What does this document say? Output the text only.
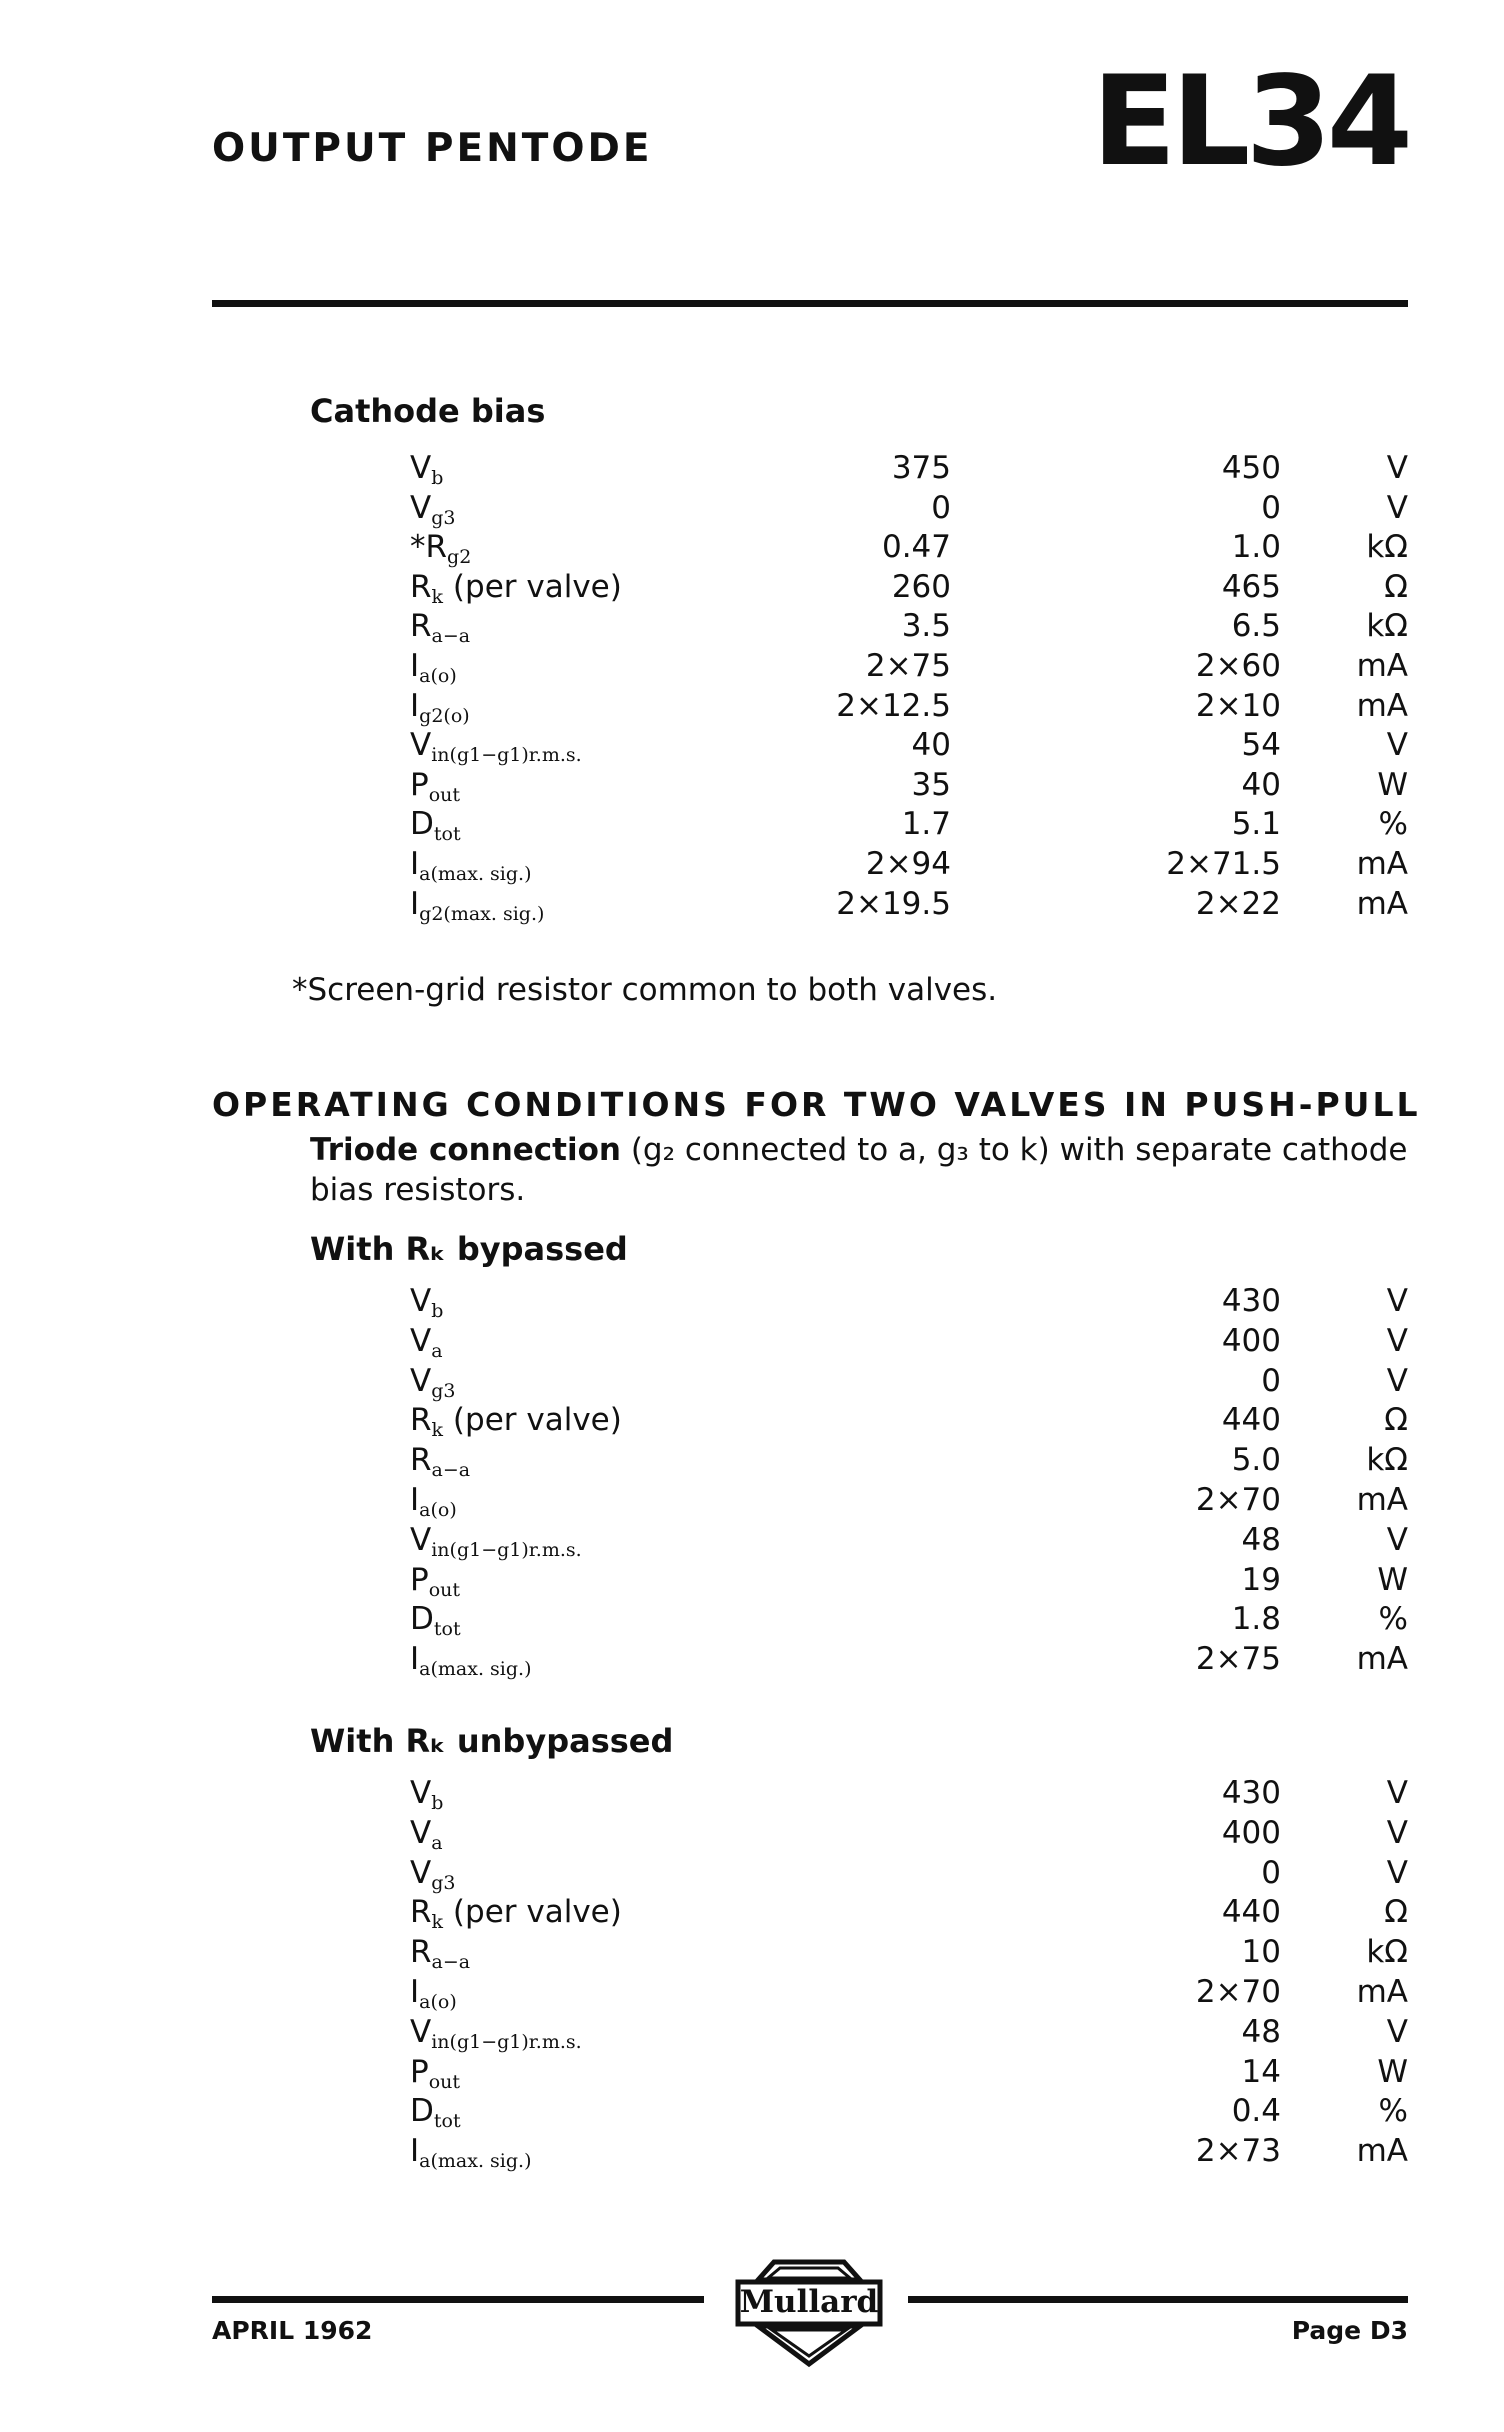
OUTPUT PENTODE	EL34
Cathode bias
$V_b$	375	450	V
$V_{g3}$	0	0	V
$*R_{g2}$	0.47	1.0	kΩ
$R_k$ (per valve)	260	465	Ω
$R_{a-a}$	3.5	6.5	kΩ
$I_{a(o)}$	2×75	2×60 mA
$I_{g2(o)}$	2×12.5	2×10 mA
$V_{in(g1-g1)r.m.s.}$	40	54	V
$P_{out}$	35	40	W
$D_{tot}$	1.7	5.1	%
$I_{a(max. sig.)}$	2×94	2×71.5 mA
$I_{g2(max. sig.)}$	2×19.5	2×22 mA
*Screen-grid resistor common to both valves.
OPERATING CONDITIONS FOR TWO VALVES IN PUSH-PULL
Triode connection (g₂ connected to a, g₃ to k) with separate cathode
bias resistors.
With Rₖ bypassed
$V_b$	430	V
$V_a$	400	V
$V_{g3}$	0	V
$R_k$ (per valve)	440	Ω
$R_{a-a}$	5.0	kΩ
$I_{a(o)}$	2×70 mA
$V_{in(g1-g1)r.m.s.}$	48	V
$P_{out}$	19	W
$D_{tot}$	1.8	%
$I_{a(max. sig.)}$	2×75 mA
With Rₖ unbypassed
$V_b$	430	V
$V_a$	400	V
$V_{g3}$	0	V
$R_k$ (per valve)	440	Ω
$R_{a-a}$	10	kΩ
$I_{a(o)}$	2×70 mA
$V_{in(g1-g1)r.m.s.}$	48	V
$P_{out}$	14	W
$D_{tot}$	0.4	%
$I_{a(max. sig.)}$	2×73 mA
Mullard
APRIL 1962	Page D3
